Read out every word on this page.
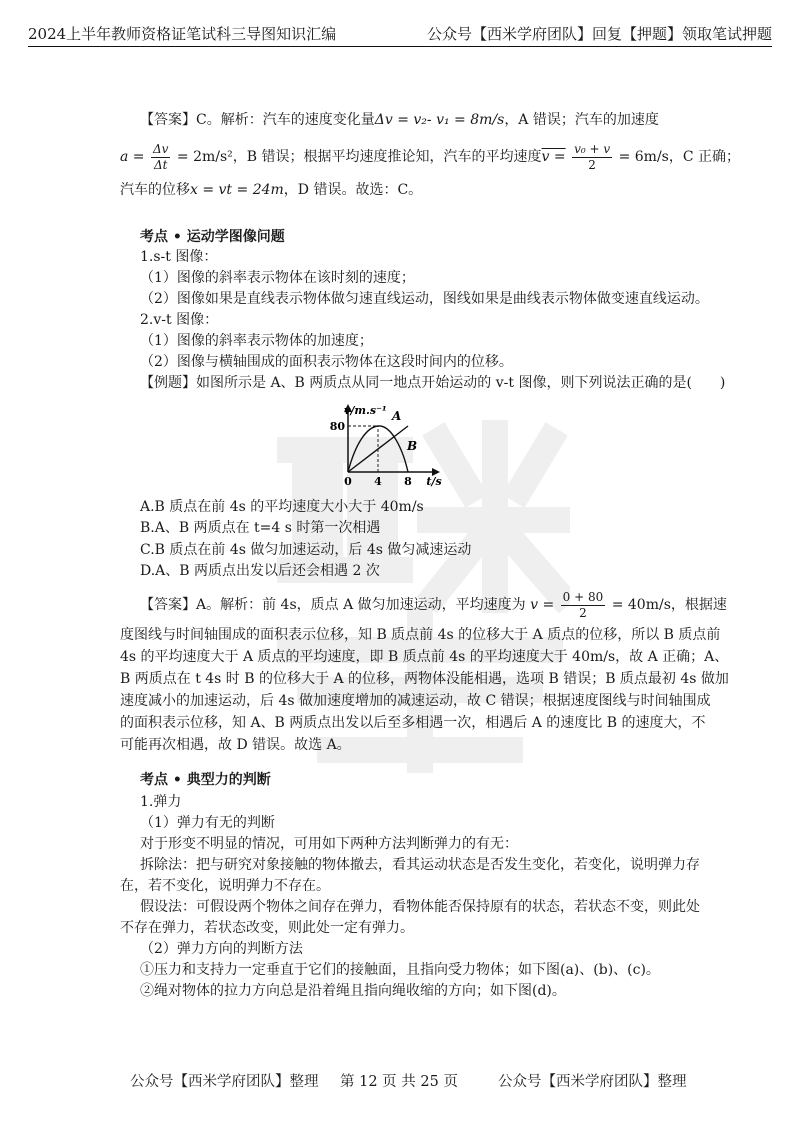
2024上半年教师资格证笔试科三导图知识汇编	公众号【西米学府团队】回复【押题】领取笔试押题
【答案】C。解析：汽车的速度变化量Δv = v₂- v₁ = 8m/s，A 错误；汽车的加速度
$a = \frac{\Delta v}{\Delta t} = 2m/s^2$，B 错误；根据平均速度推论知，汽车的平均速度$v = \frac{\text{v₀ + v}}{2} = 6m/s$，C 正确；
汽车的位移x = vt = 24m，D 错误。故选：C。
考点 • 运动学图像问题
1.s-t 图像：
（1）图像的斜率表示物体在该时刻的速度；
（2）图像如果是直线表示物体做匀速直线运动，图线如果是曲线表示物体做变速直线运动。
2.v-t 图像：
（1）图像的斜率表示物体的加速度；
（2）图像与横轴围成的面积表示物体在这段时间内的位移。
【例题】如图所示是 A、B 两质点从同一地点开始运动的 v-t 图像，则下列说法正确的是(　　)
v/m.s⁻¹
80
0 4 8 t/s
A
B
A.B 质点在前 4s 的平均速度大小大于 40m/s
B.A、B 两质点在 t=4 s 时第一次相遇
C.B 质点在前 4s 做匀加速运动，后 4s 做匀减速运动
D.A、B 两质点出发以后还会相遇 2 次
【答案】A。解析：前 4s，质点 A 做匀加速运动，平均速度为 $v = \frac{0 + 80}{2} = 40m/s$，根据速
度图线与时间轴围成的面积表示位移，知 B 质点前 4s 的位移大于 A 质点的位移，所以 B 质点前
4s 的平均速度大于 A 质点的平均速度，即 B 质点前 4s 的平均速度大于 40m/s，故 A 正确；A、
B 两质点在 t 4s 时 B 的位移大于 A 的位移，两物体没能相遇，选项 B 错误；B 质点最初 4s 做加
速度减小的加速运动，后 4s 做加速度增加的减速运动，故 C 错误；根据速度图线与时间轴围成
的面积表示位移，知 A、B 两质点出发以后至多相遇一次，相遇后 A 的速度比 B 的速度大，不
可能再次相遇，故 D 错误。故选 A。
考点 • 典型力的判断
1.弹力
（1）弹力有无的判断
对于形变不明显的情况，可用如下两种方法判断弹力的有无：
拆除法：把与研究对象接触的物体撤去，看其运动状态是否发生变化，若变化，说明弹力存
在，若不变化，说明弹力不存在。
假设法：可假设两个物体之间存在弹力，看物体能否保持原有的状态，若状态不变，则此处
不存在弹力，若状态改变，则此处一定有弹力。
（2）弹力方向的判断方法
①压力和支持力一定垂直于它们的接触面，且指向受力物体；如下图(a)、(b)、(c)。
②绳对物体的拉力方向总是沿着绳且指向绳收缩的方向；如下图(d)。
公众号【西米学府团队】整理 第 12 页 共 25 页	公众号【西米学府团队】整理
